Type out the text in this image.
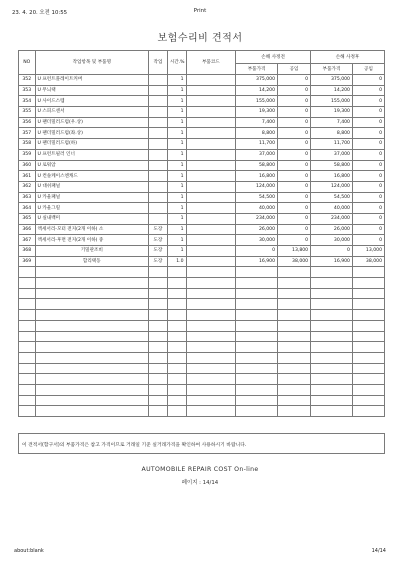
23. 4. 20. 오전 10:55	Print
보험수리비 견적서
NO	작업항목 및 부품명	작업	시간.%	부품코드	손해 사정전		손해 사정후	
					부품가격	공임	부품가격	공임
352	U 프런트플레이트커버		1		375,000	0	375,000	0
353	U 무늬택		1		14,200	0	14,200	0
354	U 사이드스텝		1		155,000	0	155,000	0
355	U 스피드센서		1		19,300	0	19,300	0
356	U 팬더밀러드럼(우.상)		1		7,400	0	7,400	0
357	U 팬더밀러드럼(좌.상)		1		8,800	0	8,800	0
358	U 팬더밀러드럼(하)		1		11,700	0	11,700	0
359	U 프런트필러 인너		1		37,000	0	37,000	0
360	U 로워암		1		58,800	0	58,800	0
361	U 컨솔케이스엔캐드		1		16,800	0	16,800	0
362	U 대쉬패널		1		124,000	0	124,000	0
363	U 카울패널		1		54,500	0	54,500	0
364	U 카울그릴		1		40,000	0	40,000	0
365	U 실내백미		1		234,000	0	234,000	0
366	액세서리-모터 전지(2개 이하) 소	도장	1		26,000	0	26,000	0
367	액세서리-후면 전지(2개 이하) 중	도장	1		30,000	0	30,000	0
368	기밀관조비	도장	1		0	13,800	0	13,000
369	합리택동	도장	1.0		16,900	38,000	16,900	38,000

이 견적서(합구서)의 부품가격은 참고 가격이므로 거래일 기준 실거래가격을 확인하여 사용하시기 바랍니다.
AUTOMOBILE REPAIR COST On-line
페이지 : 14/14
about:blank	14/14
